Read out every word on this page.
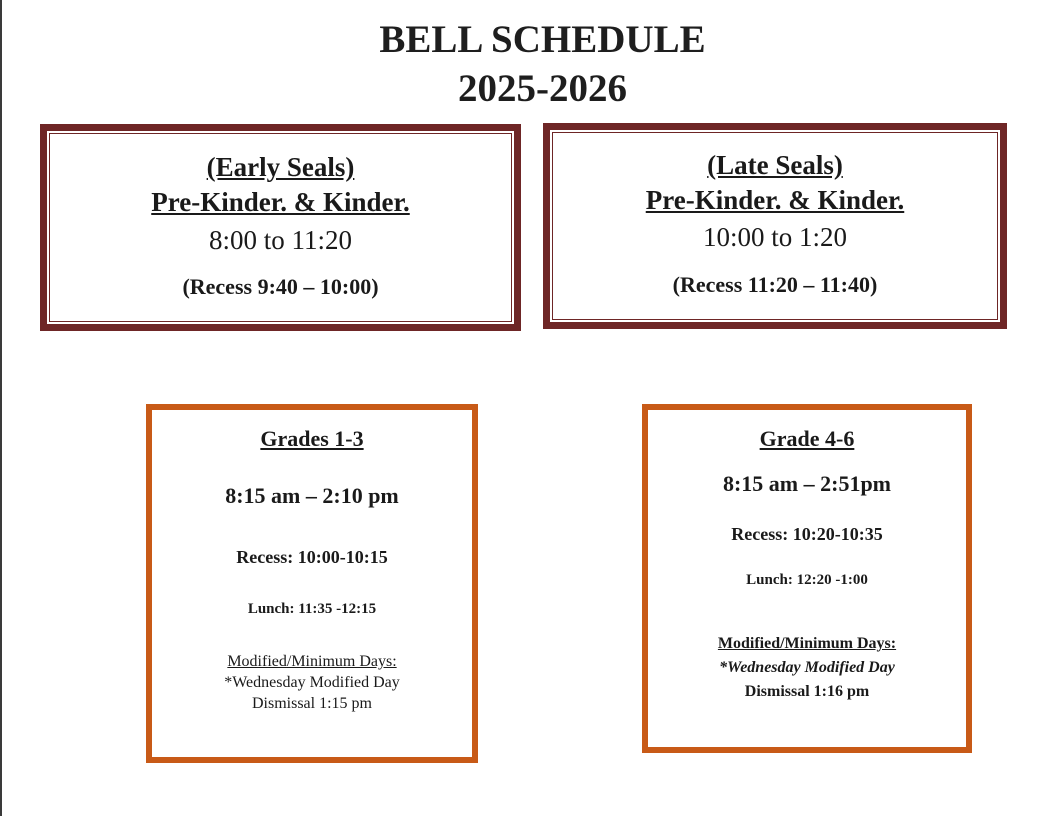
BELL SCHEDULE
2025-2026
(Early Seals)
Pre-Kinder. & Kinder.
8:00 to 11:20
(Recess 9:40 – 10:00)
(Late Seals)
Pre-Kinder. & Kinder.
10:00 to 1:20
(Recess 11:20 – 11:40)
Grades 1-3
8:15 am – 2:10 pm
Recess: 10:00-10:15
Lunch: 11:35 -12:15
Modified/Minimum Days:
*Wednesday Modified Day
Dismissal 1:15 pm
Grade 4-6
8:15 am – 2:51pm
Recess: 10:20-10:35
Lunch: 12:20 -1:00
Modified/Minimum Days:
*Wednesday Modified Day
Dismissal 1:16 pm
